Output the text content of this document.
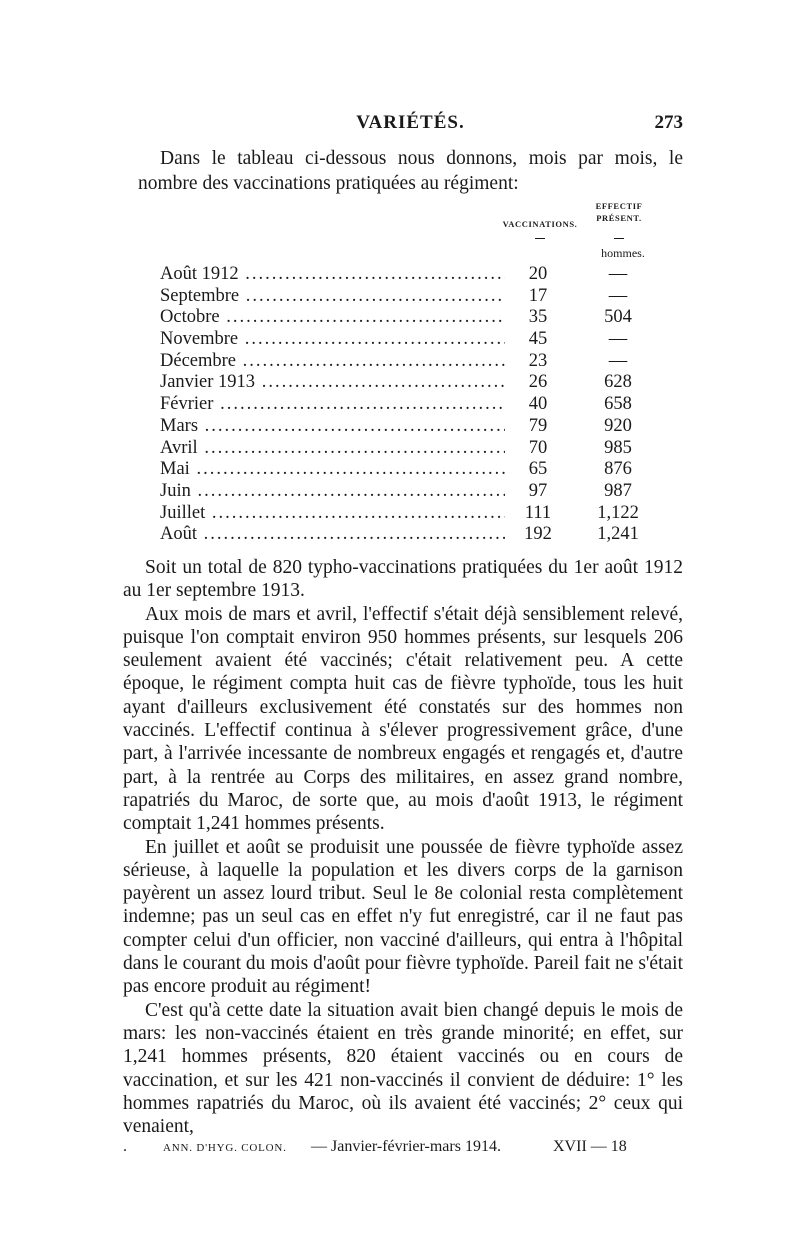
VARIÉTÉS.	273

Dans le tableau ci-dessous nous donnons, mois par mois, le nombre des vaccinations pratiquées au régiment:

VACCINATIONS.
EFFECTIF
PRÉSENT.
hommes.
Août 1912 .....	20	—
Septembre .....	17	—
Octobre .....	35	504
Novembre .....	45	—
Décembre .....	23	—
Janvier 1913 .....	26	628
Février .....	40	658
Mars .....	79	920
Avril .....	70	985
Mai .....	65	876
Juin .....	97	987
Juillet .....	111	1,122
Août .....	192	1,241

Soit un total de 820 typho-vaccinations pratiquées du 1er août 1912 au 1er septembre 1913.

Aux mois de mars et avril, l'effectif s'était déjà sensiblement relevé, puisque l'on comptait environ 950 hommes présents, sur lesquels 206 seulement avaient été vaccinés; c'était relativement peu. A cette époque, le régiment compta huit cas de fièvre typhoïde, tous les huit ayant d'ailleurs exclusivement été constatés sur des hommes non vaccinés. L'effectif continua à s'élever progressivement grâce, d'une part, à l'arrivée incessante de nombreux engagés et rengagés et, d'autre part, à la rentrée au Corps des militaires, en assez grand nombre, rapatriés du Maroc, de sorte que, au mois d'août 1913, le régiment comptait 1,241 hommes présents.

En juillet et août se produisit une poussée de fièvre typhoïde assez sérieuse, à laquelle la population et les divers corps de la garnison payèrent un assez lourd tribut. Seul le 8e colonial resta complètement indemne; pas un seul cas en effet n'y fut enregistré, car il ne faut pas compter celui d'un officier, non vacciné d'ailleurs, qui entra à l'hôpital dans le courant du mois d'août pour fièvre typhoïde. Pareil fait ne s'était pas encore produit au régiment!

C'est qu'à cette date la situation avait bien changé depuis le mois de mars: les non-vaccinés étaient en très grande minorité; en effet, sur 1,241 hommes présents, 820 étaient vaccinés ou en cours de vaccination, et sur les 421 non-vaccinés il convient de déduire: 1° les hommes rapatriés du Maroc, où ils avaient été vaccinés; 2° ceux qui venaient,

.	ANN. D'HYG. COLON. — Janvier-février-mars 1914.	XVII — 18
